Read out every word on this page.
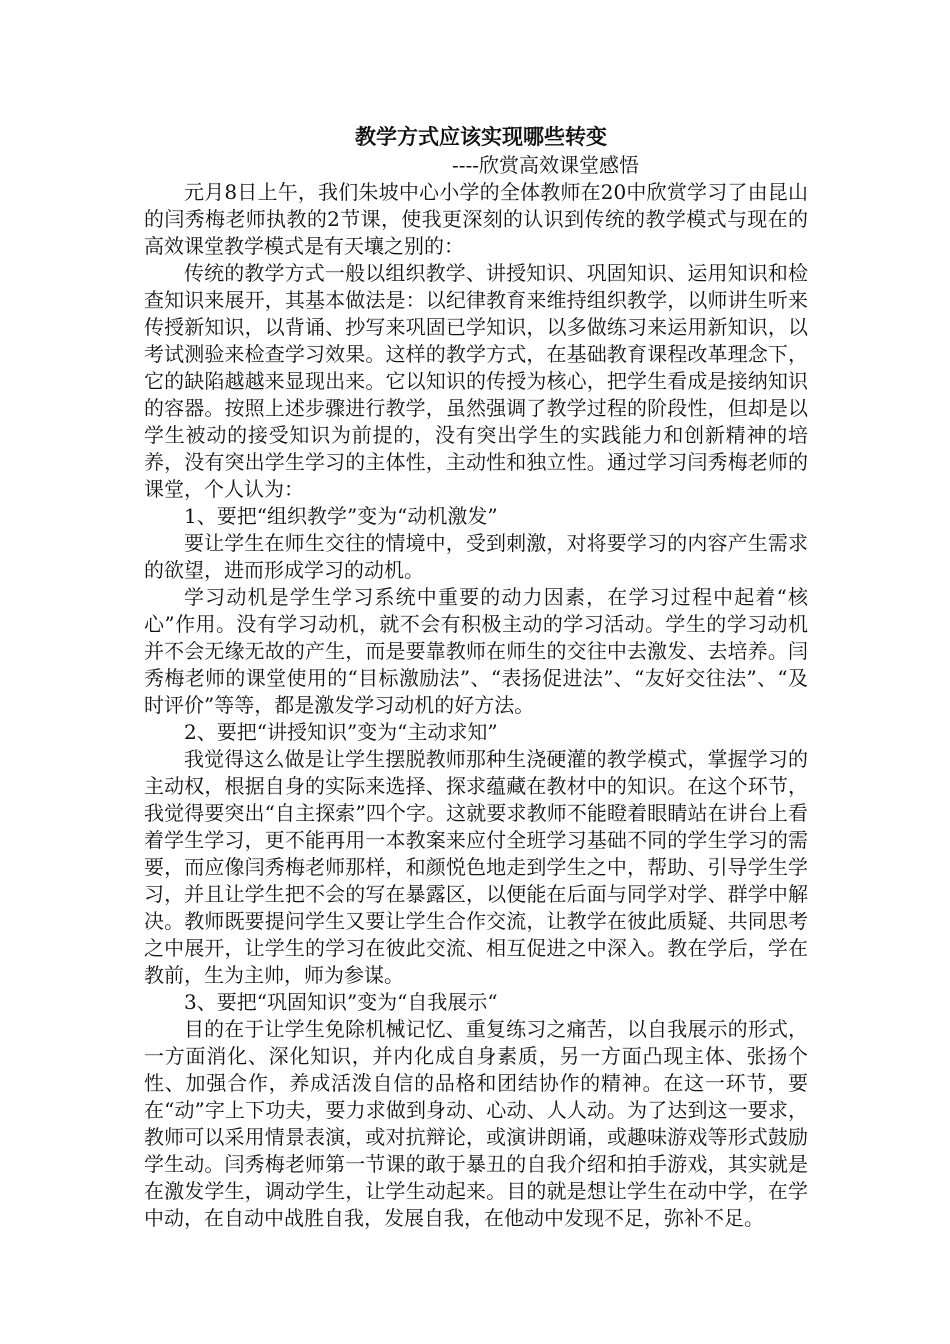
教学方式应该实现哪些转变
----欣赏高效课堂感悟

元月8日上午，我们朱坡中心小学的全体教师在20中欣赏学习了由昆山的闫秀梅老师执教的2节课，使我更深刻的认识到传统的教学模式与现在的高效课堂教学模式是有天壤之别的：

传统的教学方式一般以组织教学、讲授知识、巩固知识、运用知识和检查知识来展开，其基本做法是：以纪律教育来维持组织教学，以师讲生听来传授新知识，以背诵、抄写来巩固已学知识，以多做练习来运用新知识，以考试测验来检查学习效果。这样的教学方式，在基础教育课程改革理念下，它的缺陷越越来显现出来。它以知识的传授为核心，把学生看成是接纳知识的容器。按照上述步骤进行教学，虽然强调了教学过程的阶段性，但却是以学生被动的接受知识为前提的，没有突出学生的实践能力和创新精神的培养，没有突出学生学习的主体性，主动性和独立性。通过学习闫秀梅老师的课堂，个人认为：

1、要把“组织教学”变为“动机激发”

要让学生在师生交往的情境中，受到刺激，对将要学习的内容产生需求的欲望，进而形成学习的动机。

学习动机是学生学习系统中重要的动力因素，在学习过程中起着“核心”作用。没有学习动机，就不会有积极主动的学习活动。学生的学习动机并不会无缘无故的产生，而是要靠教师在师生的交往中去激发、去培养。闫秀梅老师的课堂使用的“目标激励法”、“表扬促进法”、“友好交往法”、“及时评价”等等，都是激发学习动机的好方法。

2、要把“讲授知识”变为“主动求知”

我觉得这么做是让学生摆脱教师那种生浇硬灌的教学模式，掌握学习的主动权，根据自身的实际来选择、探求蕴藏在教材中的知识。在这个环节，我觉得要突出“自主探索”四个字。这就要求教师不能瞪着眼睛站在讲台上看着学生学习，更不能再用一本教案来应付全班学习基础不同的学生学习的需要，而应像闫秀梅老师那样，和颜悦色地走到学生之中，帮助、引导学生学习，并且让学生把不会的写在暴露区，以便能在后面与同学对学、群学中解决。教师既要提问学生又要让学生合作交流，让教学在彼此质疑、共同思考之中展开，让学生的学习在彼此交流、相互促进之中深入。教在学后，学在教前，生为主帅，师为参谋。

3、要把“巩固知识”变为“自我展示“

目的在于让学生免除机械记忆、重复练习之痛苦，以自我展示的形式，一方面消化、深化知识，并内化成自身素质，另一方面凸现主体、张扬个性、加强合作，养成活泼自信的品格和团结协作的精神。在这一环节，要在“动”字上下功夫，要力求做到身动、心动、人人动。为了达到这一要求，教师可以采用情景表演，或对抗辩论，或演讲朗诵，或趣味游戏等形式鼓励学生动。闫秀梅老师第一节课的敢于暴丑的自我介绍和拍手游戏，其实就是在激发学生，调动学生，让学生动起来。目的就是想让学生在动中学，在学中动，在自动中战胜自我，发展自我，在他动中发现不足，弥补不足。
